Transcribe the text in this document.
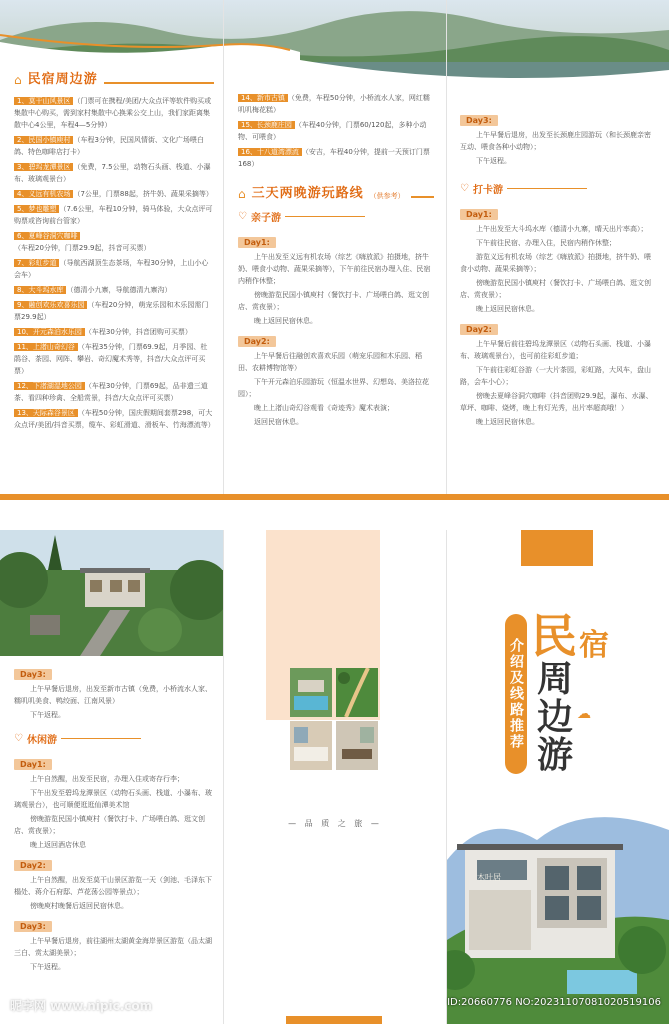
⌂ 民宿周边游
1、莫干山风景区 （门票可在携程/美团/大众点评等软件购买或集散中心购买，需到家村集散中心换乘公交上山，我们家距离集散中心4公里，车程4—5分钟）
2、民国小镇庾村 （车程3分钟，民国风情街、文化广场喂白鸽、特色咖啡店打卡）
3、碧坞龙潭景区 （免费，7.5公里，动物石头画、栈道、小瀑布、玻璃观景台）
4、义远有机农场 （7公里，门票88起，挤牛奶、蔬果采摘等）
5、梦也雕塑 （7.6公里，车程10分钟，骑马体验，大众点评可购票或咨询前台管家）
6、夏峰谷洞穴咖啡（车程20分钟，门票29.9起，抖音可买票）
7、彩虹步道 （导航西湖顶生态茶场，车程30分钟，上山小心会车）
8、大斗坞水库 （德清小九寨，导航德清九寨沟）
9、融创欢乐欢喜乐园 （车程20分钟，萌宠乐园和木乐园需门票29.9起）
10、开元森泊水乐园 （车程30分钟，抖音团购可买票）
11、上渚山奇幻谷 （车程35分钟，门票69.9起，月季园、杜鹃谷、茶园、网阵、攀岩、奇幻魔术秀等，抖音/大众点评可买票）
12、下渚湖湿地公园 （车程30分钟，门票69起，品非遗三道茶、看四种珍禽、全船赏景，抖音/大众点评可买票）
13、天际森谷景区 （车程50分钟，国庆假期间套票298，可大众点评/美团/抖音买票，缆车、彩虹滑道、滑板车、竹海漂流等）
14、新市古镇 （免费，车程50分钟，小桥流水人家，网红糯叽叽梅花糕）
15、长颈鹿庄园 （车程40分钟，门票60/120起，多种小动物、可喂食）
16、十八道湾漂流 （安吉，车程40分钟，提前一天预订门票168）
⌂ 三天两晚游玩路线 （供参考）
♡ 亲子游
Day1:
上午出发至义远有机农场（综艺《嗨放派》拍摄地，挤牛奶、喂食小动物、蔬果采摘等），下午前往民宿办理入住、民宿内稍作休整；
傍晚游览民国小镇庾村（餐饮打卡、广场喂白鸽、逛文创店、赏夜景）；
晚上返回民宿休息。
Day2:
上午早餐后往融创欢喜欢乐园（萌宠乐园和木乐园、稻田、农耕博物馆等）
下午开元森泊乐园游玩（恒温水世界、幻想岛、美洛拉花园）；
晚上上渚山奇幻谷观看《奇迹秀》魔术表演；
返回民宿休息。
Day3:
上午早餐后退房，出发至长颈鹿庄园游玩（和长颈鹿亲密互动、喂食各种小动物）；
下午返程。
♡ 打卡游
Day1:
上午出发至大斗坞水库（德清小九寨，晴天出片率高）；
下午前往民宿、办理入住，民宿内稍作休整；
游览义远有机农场（综艺《嗨放派》拍摄地，挤牛奶、喂食小动物、蔬果采摘等）；
傍晚游览民国小镇庾村（餐饮打卡、广场喂白鸽、逛文创店、赏夜景）；
晚上返回民宿休息。
Day2:
上午早餐后前往碧坞龙潭景区（动物石头画、栈道、小瀑布、玻璃观景台），也可前往彩虹步道；
下午前往彩虹谷游（一大片茶园，彩虹路，大风车，盘山路，会车小心）；
傍晚去夏峰谷洞穴咖啡（抖音团购29.9起，瀑布、水瀑、草坪、咖啡、烧烤，晚上有灯光秀，出片率超高哦！）
晚上返回民宿休息。
Day3:
上午早餐后退房，出发至新市古镇（免费，小桥流水人家、糯叽叽美食、鸭绞面、江南风景）
下午返程。
♡ 休闲游
Day1:
上午自然醒，出发至民宿，办理入住或寄存行李；
下午出发至碧坞龙潭景区（动物石头画、栈道、小瀑布、玻璃观景台），也可顺便逛逛仙潭美术馆
傍晚游览民国小镇庾村（餐饮打卡、广场喂白鸽、逛文创店、赏夜景）；
晚上返回酒店休息
Day2:
上午自然醒，出发至莫干山景区游览一天（剑池、毛泽东下榻处、蒋介石府邸、芦花荡公园等景点）；
傍晚庾村晚餐后返回民宿休息。
Day3:
上午早餐后退房，前往湖州太湖黄金海岸景区游览（品太湖三白、赏太湖美景）；
下午返程。
— 品 质 之 旅 —
介绍及线路推荐
民 宿
周
边
游
☁
木叶居
昵享网 www.nipic.com	ID:20660776 NO:20231107081020519106
